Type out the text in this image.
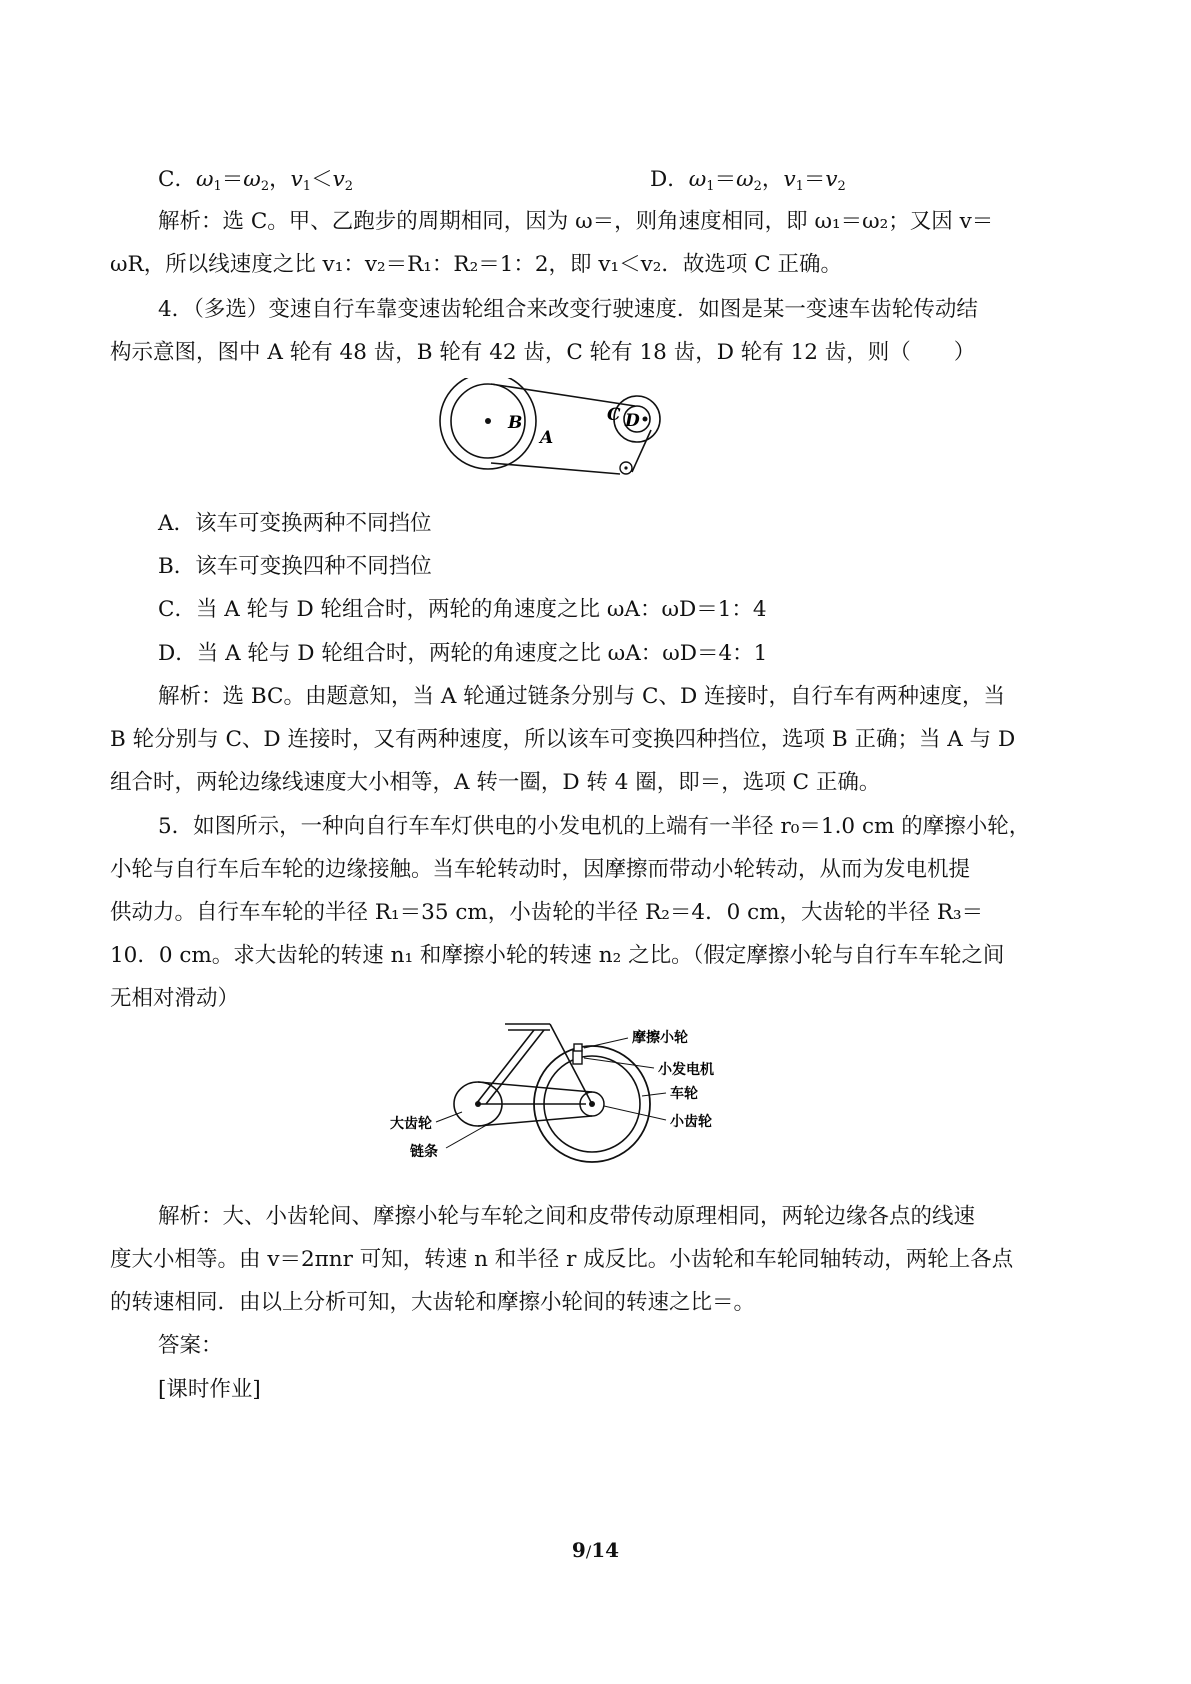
C．$\omega_1=\omega_2$，$v_1<v_2$	D．$\omega_1=\omega_2$，$v_1=v_2$
解析：选 C。甲、乙跑步的周期相同，因为 ω＝，则角速度相同，即 ω₁＝ω₂；又因 v＝
ωR，所以线速度之比 v₁：v₂＝R₁：R₂＝1：2，即 v₁＜v₂．故选项 C 正确。
4．（多选）变速自行车靠变速齿轮组合来改变行驶速度．如图是某一变速车齿轮传动结
构示意图，图中 A 轮有 48 齿，B 轮有 42 齿，C 轮有 18 齿，D 轮有 12 齿，则（　　）
B
A
C D
A．该车可变换两种不同挡位
B．该车可变换四种不同挡位
C．当 A 轮与 D 轮组合时，两轮的角速度之比 ωA：ωD＝1：4
D．当 A 轮与 D 轮组合时，两轮的角速度之比 ωA：ωD＝4：1
解析：选 BC。由题意知，当 A 轮通过链条分别与 C、D 连接时，自行车有两种速度，当
B 轮分别与 C、D 连接时，又有两种速度，所以该车可变换四种挡位，选项 B 正确；当 A 与 D
组合时，两轮边缘线速度大小相等，A 转一圈，D 转 4 圈，即＝，选项 C 正确。
5．如图所示，一种向自行车车灯供电的小发电机的上端有一半径 r₀＝1.0 cm 的摩擦小轮，
小轮与自行车后车轮的边缘接触。当车轮转动时，因摩擦而带动小轮转动，从而为发电机提
供动力。自行车车轮的半径 R₁＝35 cm，小齿轮的半径 R₂＝4．0 cm，大齿轮的半径 R₃＝
10．0 cm。求大齿轮的转速 n₁ 和摩擦小轮的转速 n₂ 之比。（假定摩擦小轮与自行车车轮之间
无相对滑动）
摩擦小轮
小发电机
车轮
小齿轮
大齿轮
链条
解析：大、小齿轮间、摩擦小轮与车轮之间和皮带传动原理相同，两轮边缘各点的线速
度大小相等。由 v＝2πnr 可知，转速 n 和半径 r 成反比。小齿轮和车轮同轴转动，两轮上各点
的转速相同．由以上分析可知，大齿轮和摩擦小轮间的转速之比＝。
答案：
[课时作业]
9/14
